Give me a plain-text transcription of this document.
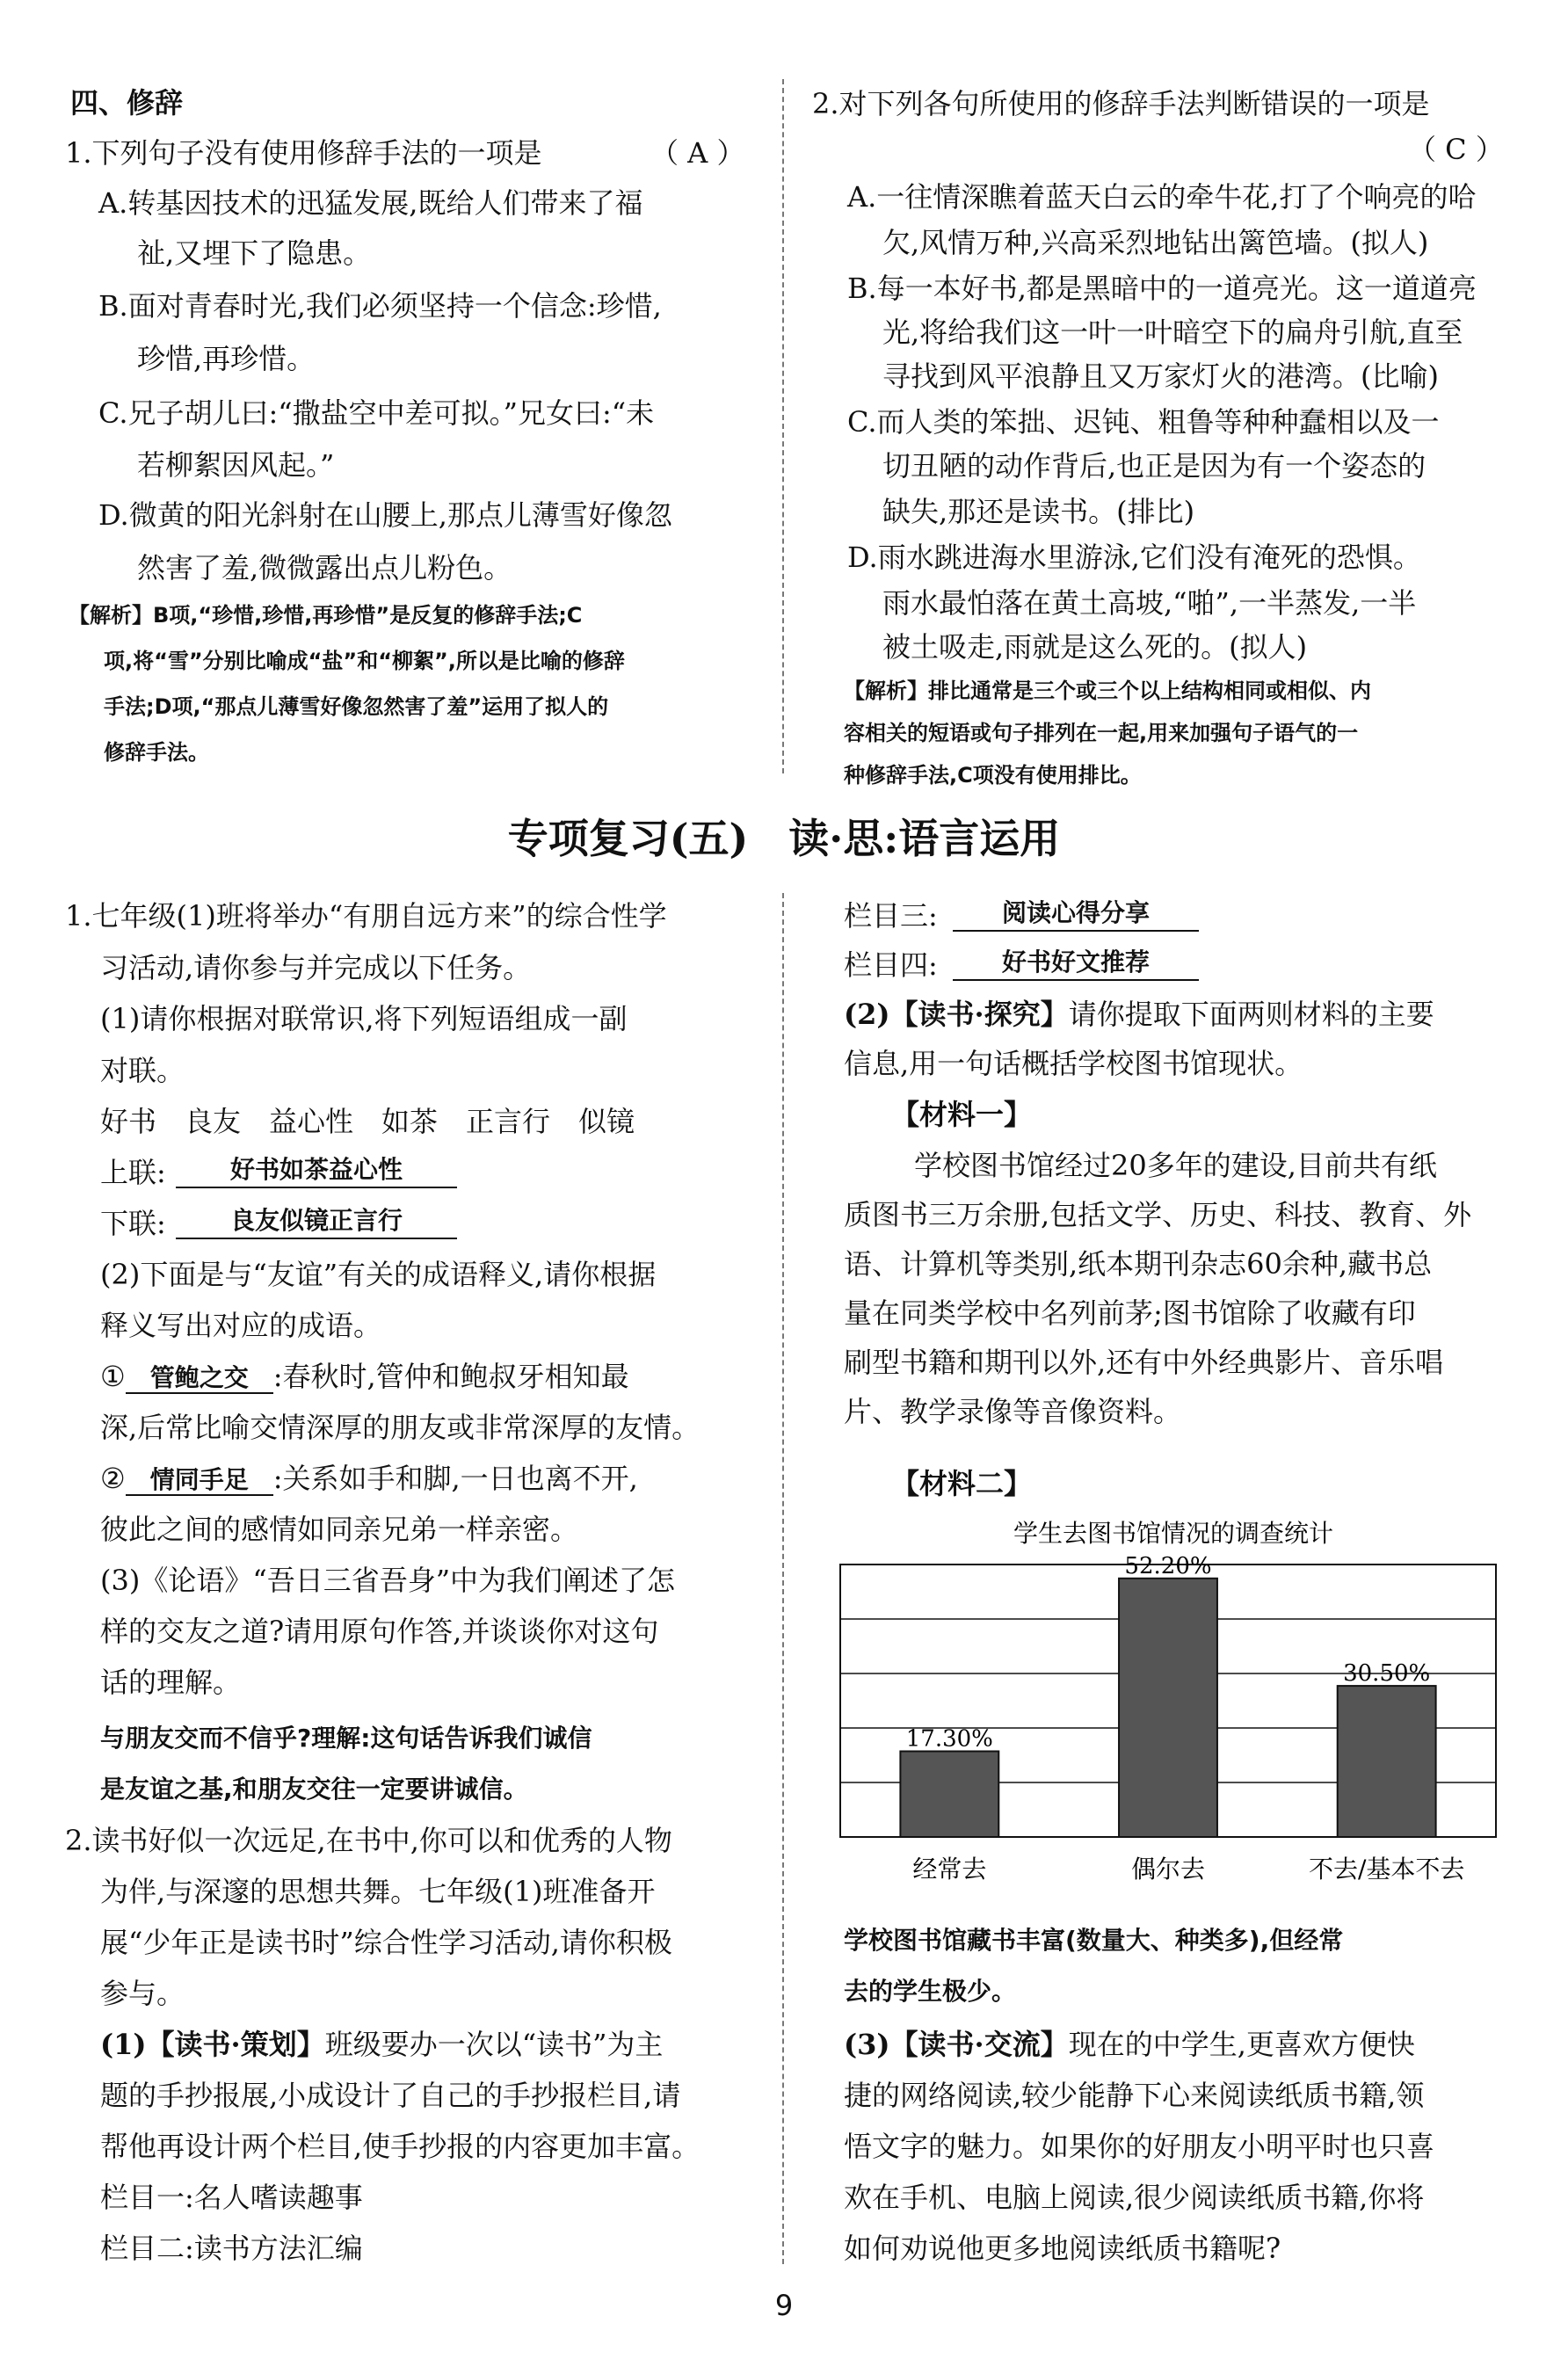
四、修辞
1.下列句子没有使用修辞手法的一项是	（ A ）
A.转基因技术的迅猛发展,既给人们带来了福
祉,又埋下了隐患。
B.面对青春时光,我们必须坚持一个信念:珍惜,
珍惜,再珍惜。
C.兄子胡儿曰:“撒盐空中差可拟。”兄女曰:“未
若柳絮因风起。”
D.微黄的阳光斜射在山腰上,那点儿薄雪好像忽
然害了羞,微微露出点儿粉色。
【解析】B项,“珍惜,珍惜,再珍惜”是反复的修辞手法;C
项,将“雪”分别比喻成“盐”和“柳絮”,所以是比喻的修辞
手法;D项,“那点儿薄雪好像忽然害了羞”运用了拟人的
修辞手法。
2.对下列各句所使用的修辞手法判断错误的一项是
（ C ）
A.一往情深瞧着蓝天白云的牵牛花,打了个响亮的哈
欠,风情万种,兴高采烈地钻出篱笆墙。(拟人)
B.每一本好书,都是黑暗中的一道亮光。这一道道亮
光,将给我们这一叶一叶暗空下的扁舟引航,直至
寻找到风平浪静且又万家灯火的港湾。(比喻)
C.而人类的笨拙、迟钝、粗鲁等种种蠢相以及一
切丑陋的动作背后,也正是因为有一个姿态的
缺失,那还是读书。(排比)
D.雨水跳进海水里游泳,它们没有淹死的恐惧。
雨水最怕落在黄土高坡,“啪”,一半蒸发,一半
被土吸走,雨就是这么死的。(拟人)
【解析】排比通常是三个或三个以上结构相同或相似、内
容相关的短语或句子排列在一起,用来加强句子语气的一
种修辞手法,C项没有使用排比。
专项复习(五)　读·思:语言运用
1.七年级(1)班将举办“有朋自远方来”的综合性学
习活动,请你参与并完成以下任务。
(1)请你根据对联常识,将下列短语组成一副
对联。
好书　良友　益心性　如茶　正言行　似镜
上联:	好书如茶益心性
下联:	良友似镜正言行
(2)下面是与“友谊”有关的成语释义,请你根据
释义写出对应的成语。
① 管鲍之交 :春秋时,管仲和鲍叔牙相知最
深,后常比喻交情深厚的朋友或非常深厚的友情。
② 情同手足 :关系如手和脚,一日也离不开,
彼此之间的感情如同亲兄弟一样亲密。
(3)《论语》“吾日三省吾身”中为我们阐述了怎
样的交友之道?请用原句作答,并谈谈你对这句
话的理解。
与朋友交而不信乎?理解:这句话告诉我们诚信
是友谊之基,和朋友交往一定要讲诚信。
2.读书好似一次远足,在书中,你可以和优秀的人物
为伴,与深邃的思想共舞。七年级(1)班准备开
展“少年正是读书时”综合性学习活动,请你积极
参与。
(1)【读书·策划】班级要办一次以“读书”为主
题的手抄报展,小成设计了自己的手抄报栏目,请
帮他再设计两个栏目,使手抄报的内容更加丰富。
栏目一:名人嗜读趣事
栏目二:读书方法汇编
栏目三:	阅读心得分享
栏目四:	好书好文推荐
(2)【读书·探究】请你提取下面两则材料的主要
信息,用一句话概括学校图书馆现状。
【材料一】
学校图书馆经过20多年的建设,目前共有纸
质图书三万余册,包括文学、历史、科技、教育、外
语、计算机等类别,纸本期刊杂志60余种,藏书总
量在同类学校中名列前茅;图书馆除了收藏有印
刷型书籍和期刊以外,还有中外经典影片、音乐唱
片、教学录像等音像资料。
【材料二】
学生去图书馆情况的调查统计
17.30%
经常去
52.20%
偶尔去
30.50%
不去/基本不去
学校图书馆藏书丰富(数量大、种类多),但经常
去的学生极少。
(3)【读书·交流】现在的中学生,更喜欢方便快
捷的网络阅读,较少能静下心来阅读纸质书籍,领
悟文字的魅力。如果你的好朋友小明平时也只喜
欢在手机、电脑上阅读,很少阅读纸质书籍,你将
如何劝说他更多地阅读纸质书籍呢?
9
